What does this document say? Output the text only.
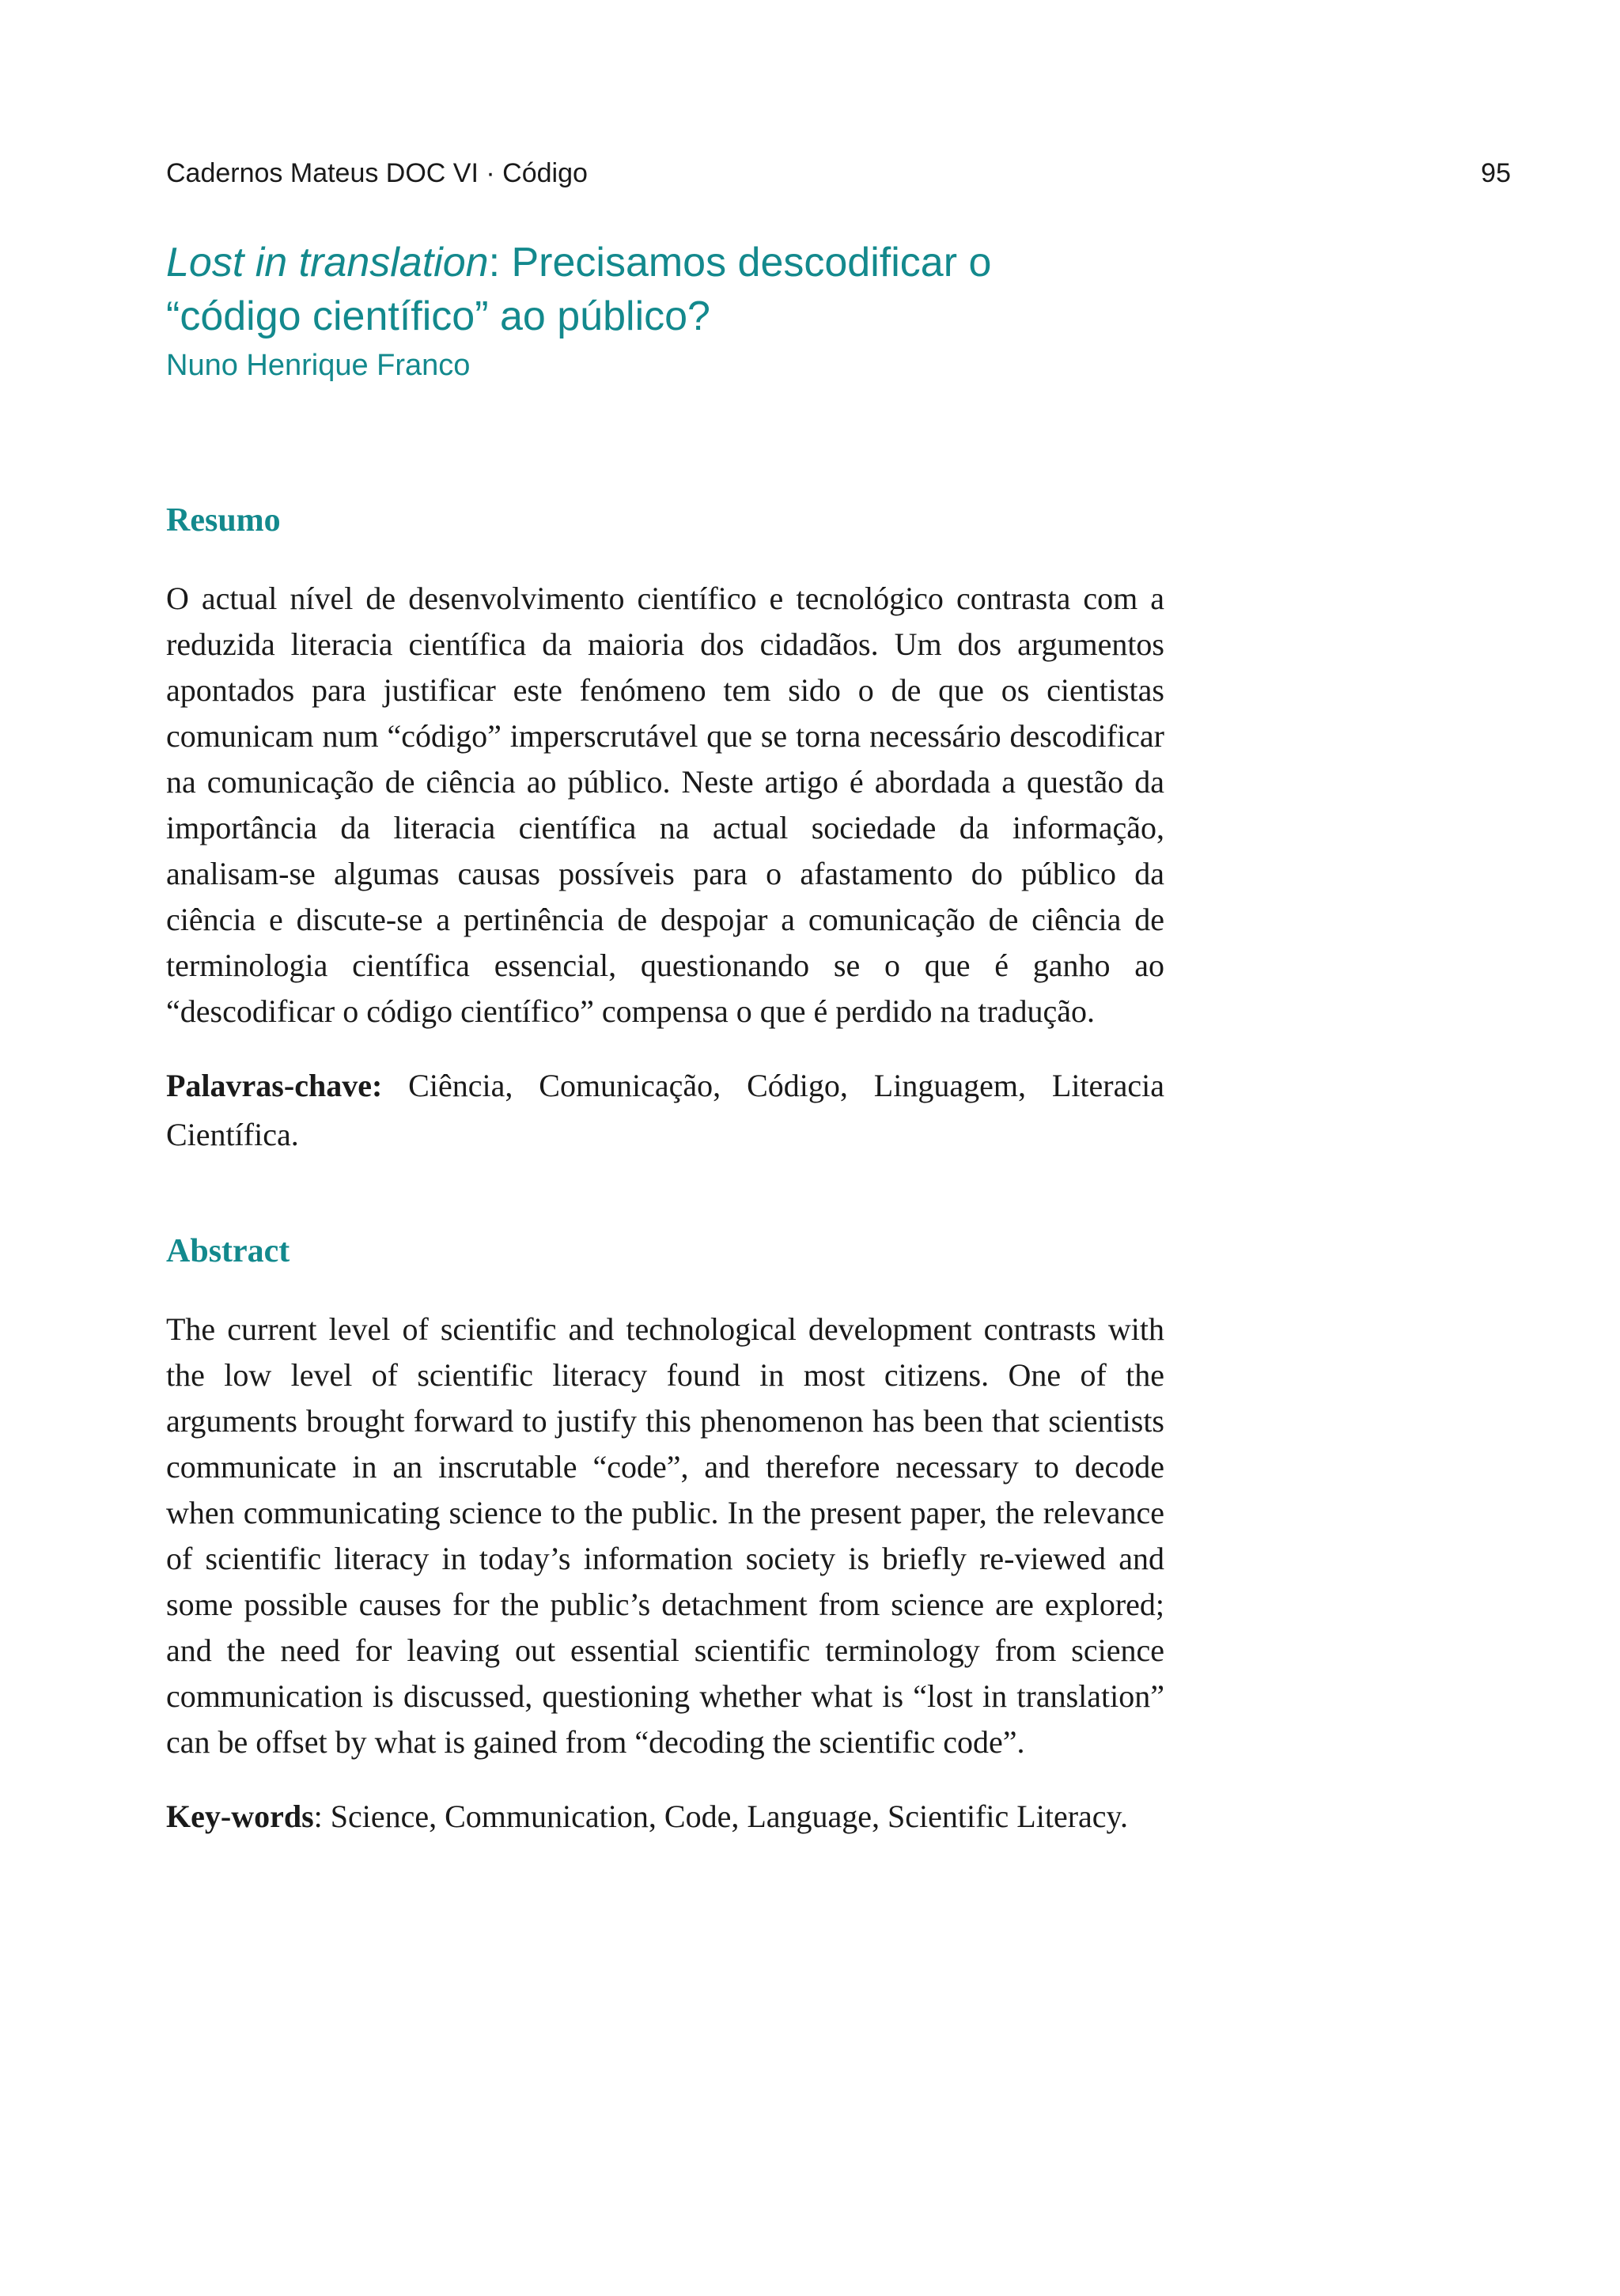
Cadernos Mateus DOC VI · Código	95
Lost in translation: Precisamos descodificar o
“código científico” ao público?
Nuno Henrique Franco
Resumo

O actual nível de desenvolvimento científico e tecnológico contrasta com a reduzida literacia científica da maioria dos cidadãos. Um dos argumentos apontados para justificar este fenómeno tem sido o de que os cientistas comunicam num “código” imperscrutável que se torna necessário descodificar na comunicação de ciência ao público. Neste artigo é abordada a questão da importância da literacia científica na actual sociedade da informação, analisam-se algumas causas possíveis para o afastamento do público da ciência e discute-se a pertinência de despojar a comunicação de ciência de terminologia científica essencial, questionando se o que é ganho ao “descodificar o código científico” compensa o que é perdido na tradução.

Palavras-chave: Ciência, Comunicação, Código, Linguagem, Literacia Científica.

Abstract

The current level of scientific and technological development contrasts with the low level of scientific literacy found in most citizens. One of the arguments brought forward to justify this phenomenon has been that scientists communicate in an inscrutable “code”, and therefore necessary to decode when communicating science to the public. In the present paper, the relevance of scientific literacy in today’s information society is briefly re-viewed and some possible causes for the public’s detachment from science are explored; and the need for leaving out essential scientific terminology from science communication is discussed, questioning whether what is “lost in translation” can be offset by what is gained from “decoding the scientific code”.

Key-words: Science, Communication, Code, Language, Scientific Literacy.
